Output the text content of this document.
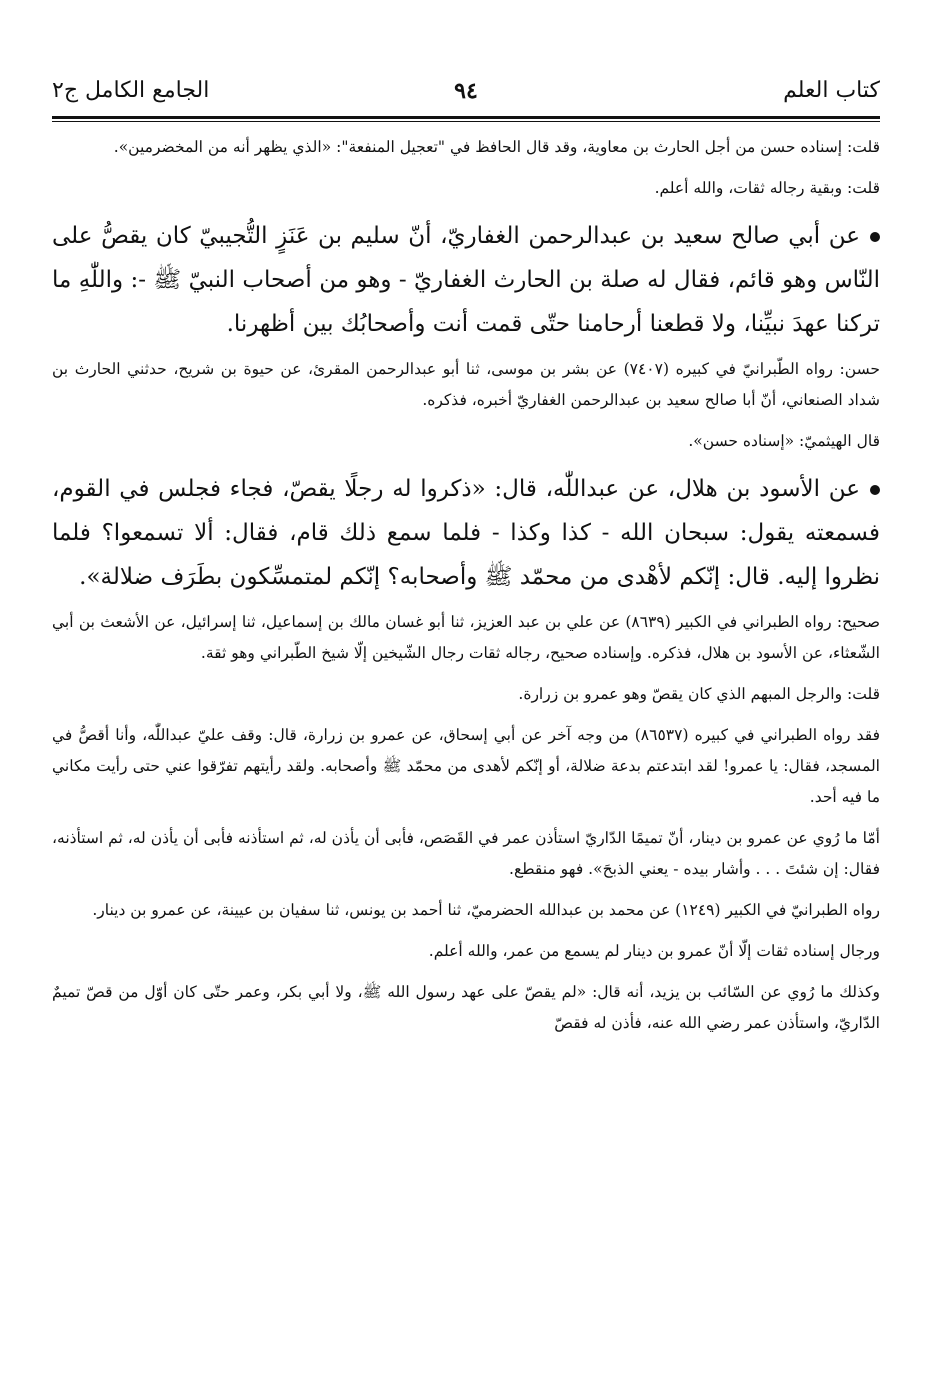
كتاب العلم
٩٤
الجامع الكامل ج٢

قلت: إسناده حسن من أجل الحارث بن معاوية، وقد قال الحافظ في "تعجيل المنفعة": «الذي يظهر أنه من المخضرمين».

قلت: وبقية رجاله ثقات، والله أعلم.

عن أبي صالح سعيد بن عبدالرحمن الغفاريّ، أنّ سليم بن عَنَزٍ التُّجيبيّ كان يقصُّ على النّاس وهو قائم، فقال له صلة بن الحارث الغفاريّ - وهو من أصحاب النبيّ ﷺ -: واللّٰهِ ما تركنا عهدَ نبيِّنا، ولا قطعنا أرحامنا حتّى قمت أنت وأصحابُك بين أظهرنا.

حسن: رواه الطّبرانيّ في كبيره (٧٤٠٧) عن بشر بن موسى، ثنا أبو عبدالرحمن المقرئ، عن حيوة بن شريح، حدثني الحارث بن شداد الصنعاني، أنّ أبا صالح سعيد بن عبدالرحمن الغفاريّ أخبره، فذكره.

قال الهيثميّ: «إسناده حسن».

عن الأسود بن هلال، عن عبداللّٰه، قال: «ذكروا له رجلًا يقصّ، فجاء فجلس في القوم، فسمعته يقول: سبحان الله - كذا وكذا - فلما سمع ذلك قام، فقال: ألا تسمعوا؟ فلما نظروا إليه. قال: إنّكم لأهْدى من محمّد ﷺ وأصحابه؟ إنّكم لمتمسِّكون بطَرَف ضلالة».

صحيح: رواه الطبراني في الكبير (٨٦٣٩) عن علي بن عبد العزيز، ثنا أبو غسان مالك بن إسماعيل، ثنا إسرائيل، عن الأشعث بن أبي الشّعثاء، عن الأسود بن هلال، فذكره. وإسناده صحيح، رجاله ثقات رجال الشّيخين إلّا شيخ الطّبراني وهو ثقة.

قلت: والرجل المبهم الذي كان يقصّ وهو عمرو بن زرارة.

فقد رواه الطبراني في كبيره (٨٦٥٣٧) من وجه آخر عن أبي إسحاق، عن عمرو بن زرارة، قال: وقف عليّ عبداللّٰه، وأنا أقصُّ في المسجد، فقال: يا عمرو! لقد ابتدعتم بدعة ضلالة، أو إنّكم لأهدى من محمّد ﷺ وأصحابه. ولقد رأيتهم تفرّقوا عني حتى رأيت مكاني ما فيه أحد.

أمّا ما رُوي عن عمرو بن دينار، أنّ تميمًا الدّاريّ استأذن عمر في القَصَص، فأبى أن يأذن له، ثم استأذنه فأبى أن يأذن له، ثم استأذنه، فقال: إن شئتَ . . . وأشار بيده - يعني الذبحَ». فهو منقطع.

رواه الطبرانيّ في الكبير (١٢٤٩) عن محمد بن عبدالله الحضرميّ، ثنا أحمد بن يونس، ثنا سفيان بن عيينة، عن عمرو بن دينار.

ورجال إسناده ثقات إلّا أنّ عمرو بن دينار لم يسمع من عمر، والله أعلم.

وكذلك ما رُوي عن السّائب بن يزيد، أنه قال: «لم يقصّ على عهد رسول الله ﷺ، ولا أبي بكر، وعمر حتّى كان أوّل من قصّ تميمٌ الدّاريّ، واستأذن عمر رضي الله عنه، فأذن له فقصّ
